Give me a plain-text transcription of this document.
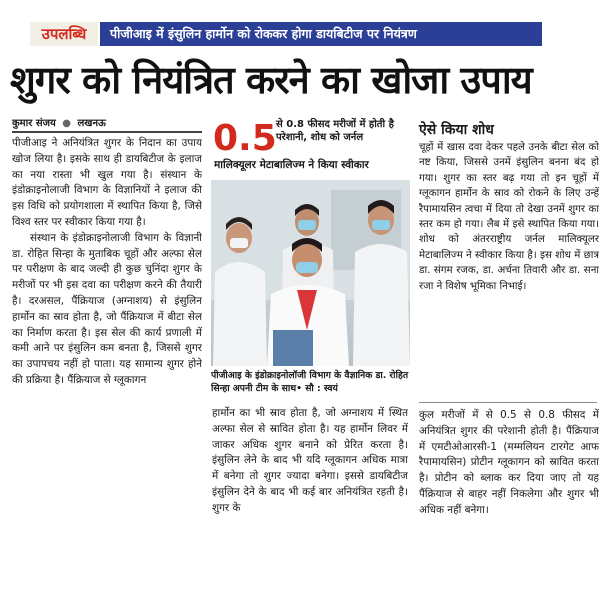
उपलब्धि	पीजीआइ में इंसुलिन हार्मोन को रोककर होगा डायबिटीज पर नियंत्रण
शुगर को नियंत्रित करने का खोजा उपाय
कुमार संजय ● लखनऊ

पीजीआइ ने अनियंत्रित शुगर के निदान का उपाय खोज लिया है। इसके साथ ही डायबिटीज के इलाज का नया रास्ता भी खुल गया है। संस्थान के इंडोक्राइनोलाजी विभाग के विज्ञानियों ने इलाज की इस विधि को प्रयोगशाला में स्थापित किया है, जिसे विश्व स्तर पर स्वीकार किया गया है।

संस्थान के इंडोक्राइनोलाजी विभाग के विज्ञानी डा. रोहित सिन्हा के मुताबिक चूहों और अल्फा सेल पर परीक्षण के बाद जल्दी ही कुछ चुनिंदा शुगर के मरीजों पर भी इस दवा का परीक्षण करने की तैयारी है। दरअसल, पैंक्रियाज (अग्नाशय) से इंसुलिन हार्मोन का स्राव होता है, जो पैंक्रियाज में बीटा सेल का निर्माण करता है। इस सेल की कार्य प्रणाली में कमी आने पर इंसुलिन कम बनता है, जिससे शुगर का उपापचय नहीं हो पाता। यह सामान्य शुगर होने की प्रक्रिया है। पैंक्रियाज से ग्लूकागन

0.5 से 0.8 फीसद मरीजों में होती है परेशानी, शोध को जर्नल
मालिक्यूलर मेटाबालिज्म ने किया स्वीकार
पीजीआइ के इंडोक्राइनोलॉजी विभाग के वैज्ञानिक डा. रोहित सिन्हा अपनी टीम के साथ• सौ : स्वयं
हार्मोन का भी स्राव होता है, जो अग्नाशय में स्थित अल्फा सेल से स्रावित होता है। यह हार्मोन लिवर में जाकर अधिक शुगर बनाने को प्रेरित करता है। इंसुलिन लेने के बाद भी यदि ग्लूकागन अधिक मात्रा में बनेगा तो शुगर ज्यादा बनेगा। इससे डायबिटीज इंसुलिन देने के बाद भी कई बार अनियंत्रित रहती है। शुगर के
ऐसे किया शोध
चूहों में खास दवा देकर पहले उनके बीटा सेल को नष्ट किया, जिससे उनमें इंसुलिन बनना बंद हो गया। शुगर का स्तर बढ़ गया तो इन चूहों में ग्लूकागन हार्मोन के स्राव को रोकने के लिए उन्हें रैपामायसिन त्वचा में दिया तो देखा उनमें शुगर का स्तर कम हो गया। लैब में इसे स्थापित किया गया। शोध को अंतरराष्ट्रीय जर्नल मालिक्यूलर मेटाबालिज्म ने स्वीकार किया है। इस शोध में छात्र डा. संगम रजक, डा. अर्चना तिवारी और डा. सना रजा ने विशेष भूमिका निभाई।
कुल मरीजों में से 0.5 से 0.8 फीसद में अनियंत्रित शुगर की परेशानी होती है। पैंक्रियाज में एमटीओआरसी-1 (मम्मलियन टारगेट आफ रैपामायसिन) प्रोटीन ग्लूकागन को स्रावित करता है। प्रोटीन को ब्लाक कर दिया जाए तो यह पैंक्रियाज से बाहर नहीं निकलेगा और शुगर भी अधिक नहीं बनेगा।
